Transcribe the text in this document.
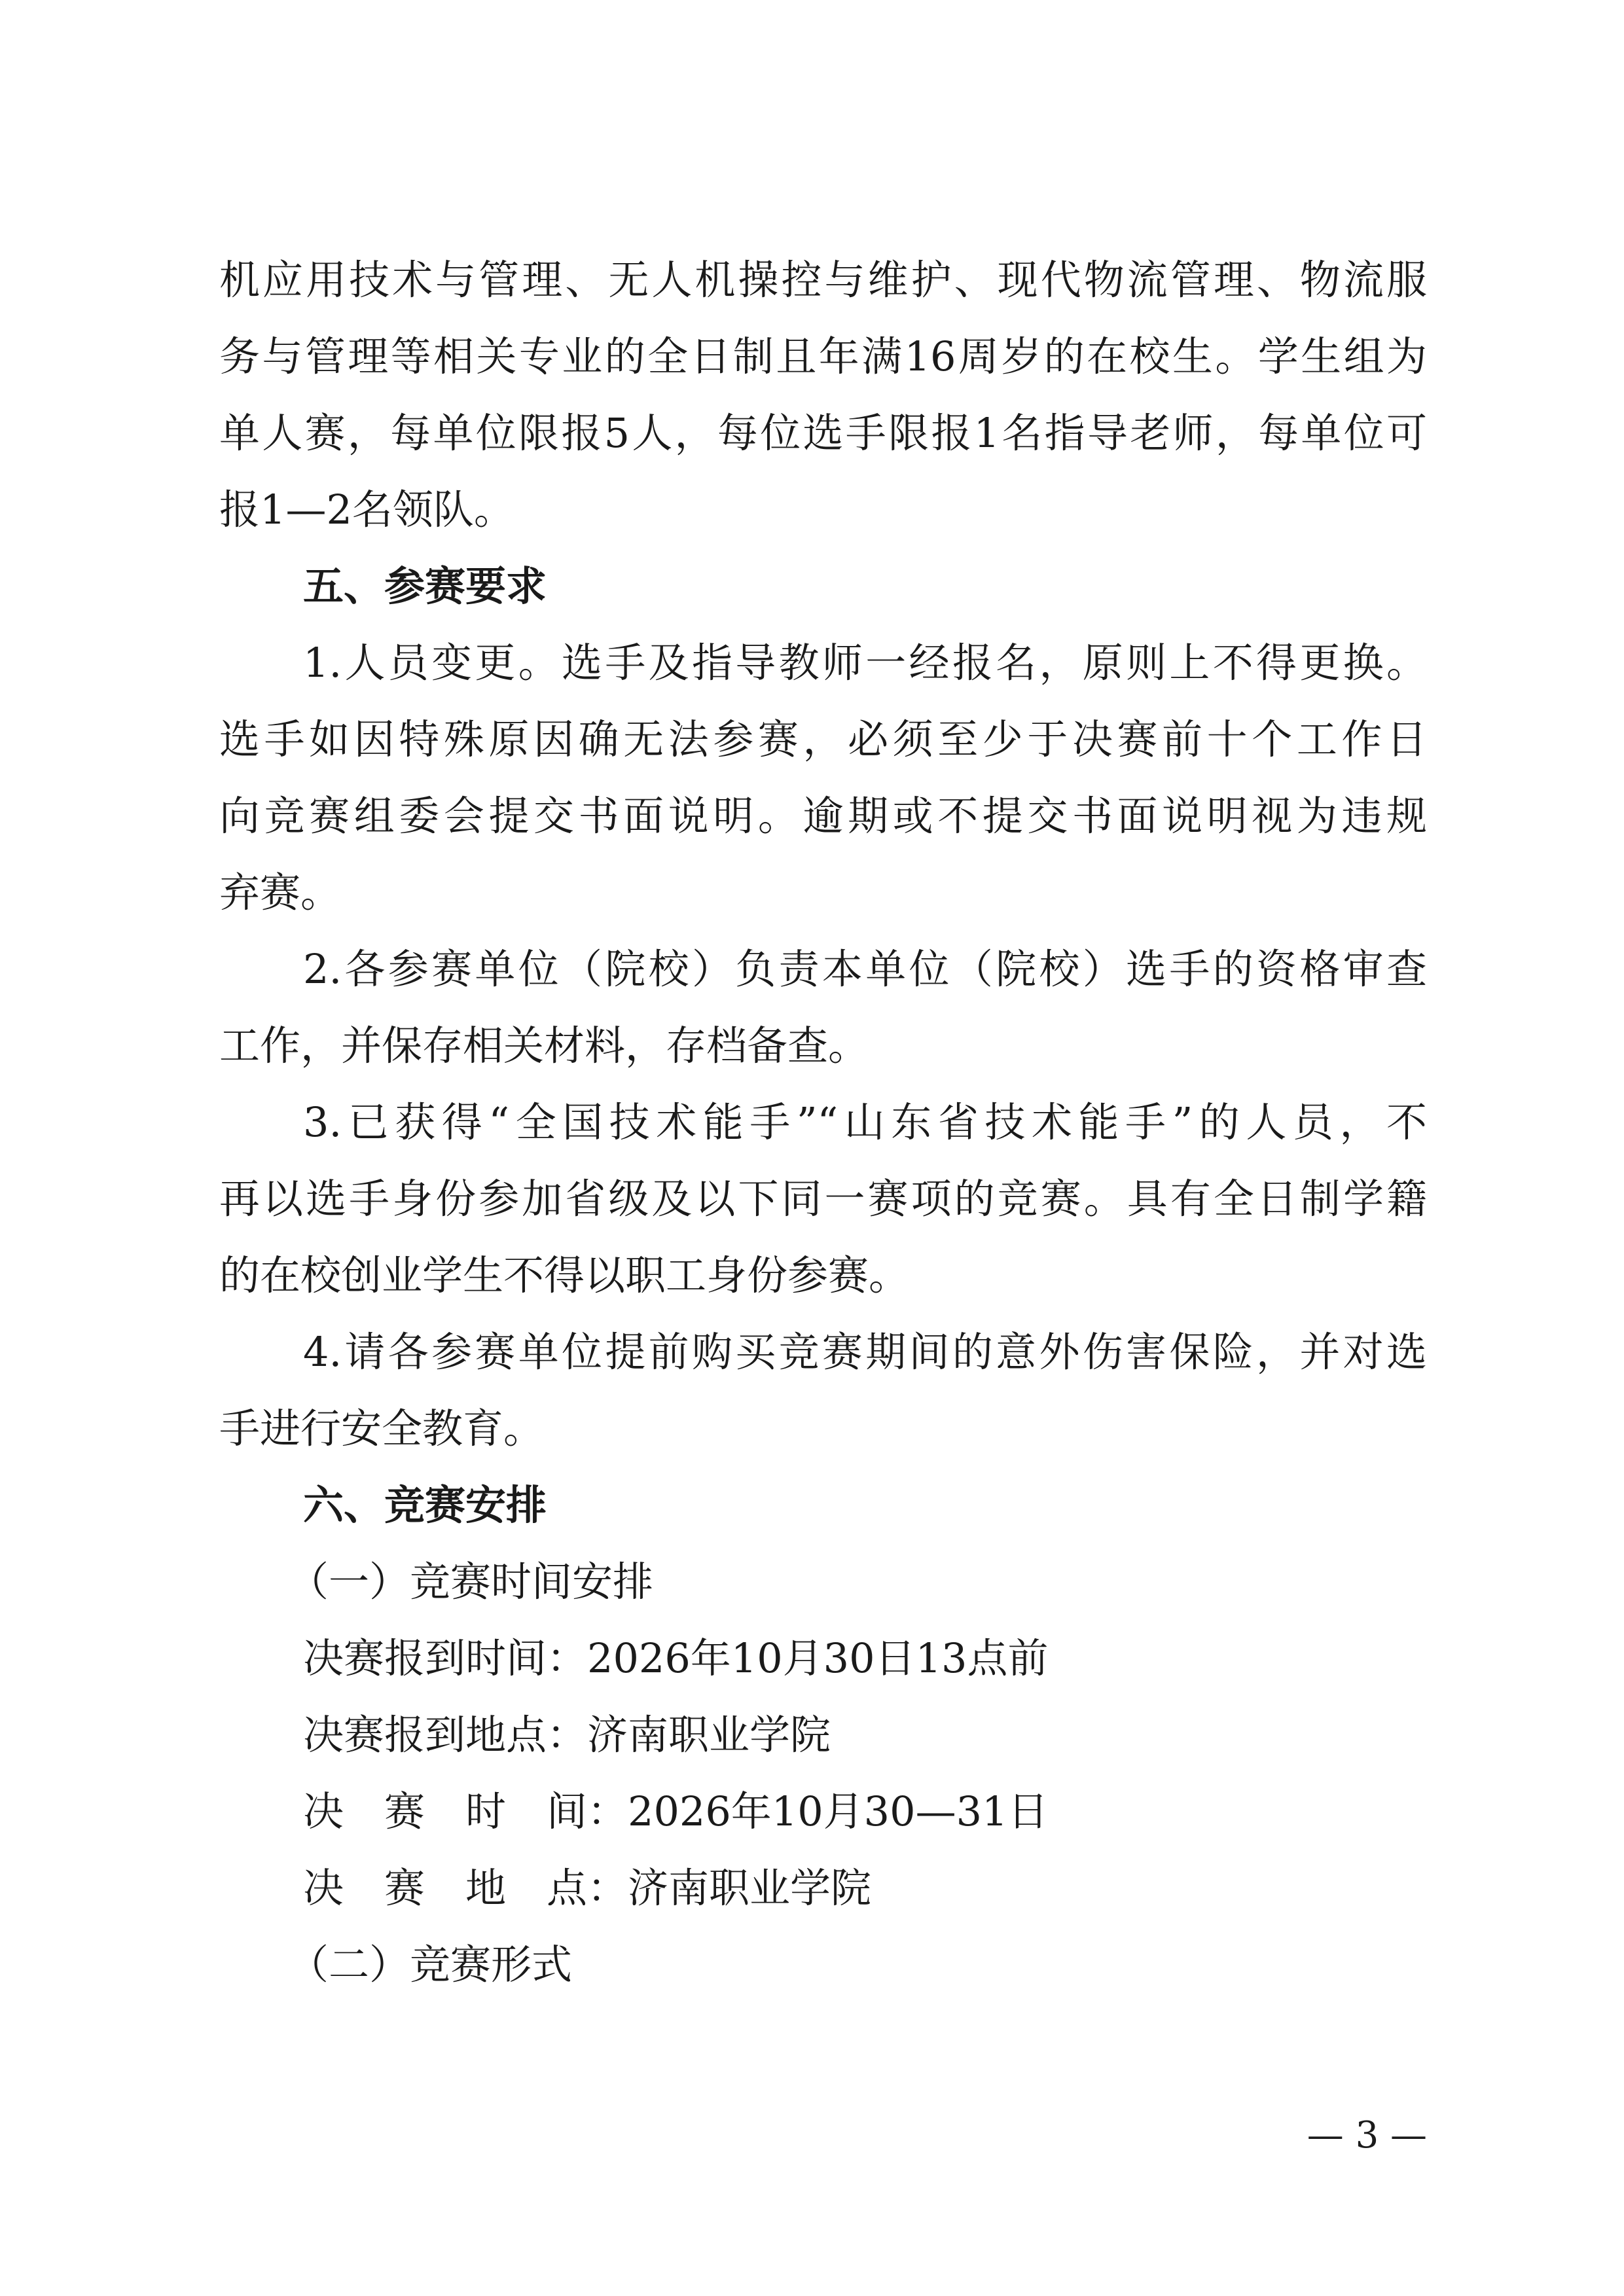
机应用技术与管理、无人机操控与维护、现代物流管理、物流服
务与管理等相关专业的全日制且年满16周岁的在校生。学生组为
单人赛，每单位限报5人，每位选手限报1名指导老师，每单位可
报1—2名领队。
五、参赛要求
1.人员变更。选手及指导教师一经报名，原则上不得更换。
选手如因特殊原因确无法参赛，必须至少于决赛前十个工作日
向竞赛组委会提交书面说明。逾期或不提交书面说明视为违规
弃赛。
2.各参赛单位（院校）负责本单位（院校）选手的资格审查
工作，并保存相关材料，存档备查。
3.已获得“全国技术能手”“山东省技术能手”的人员，不
再以选手身份参加省级及以下同一赛项的竞赛。具有全日制学籍
的在校创业学生不得以职工身份参赛。
4.请各参赛单位提前购买竞赛期间的意外伤害保险，并对选
手进行安全教育。
六、竞赛安排
（一）竞赛时间安排
决赛报到时间：2026年10月30日13点前
决赛报到地点：济南职业学院
决　赛　时　间：2026年10月30—31日
决　赛　地　点：济南职业学院
（二）竞赛形式
— 3 —
